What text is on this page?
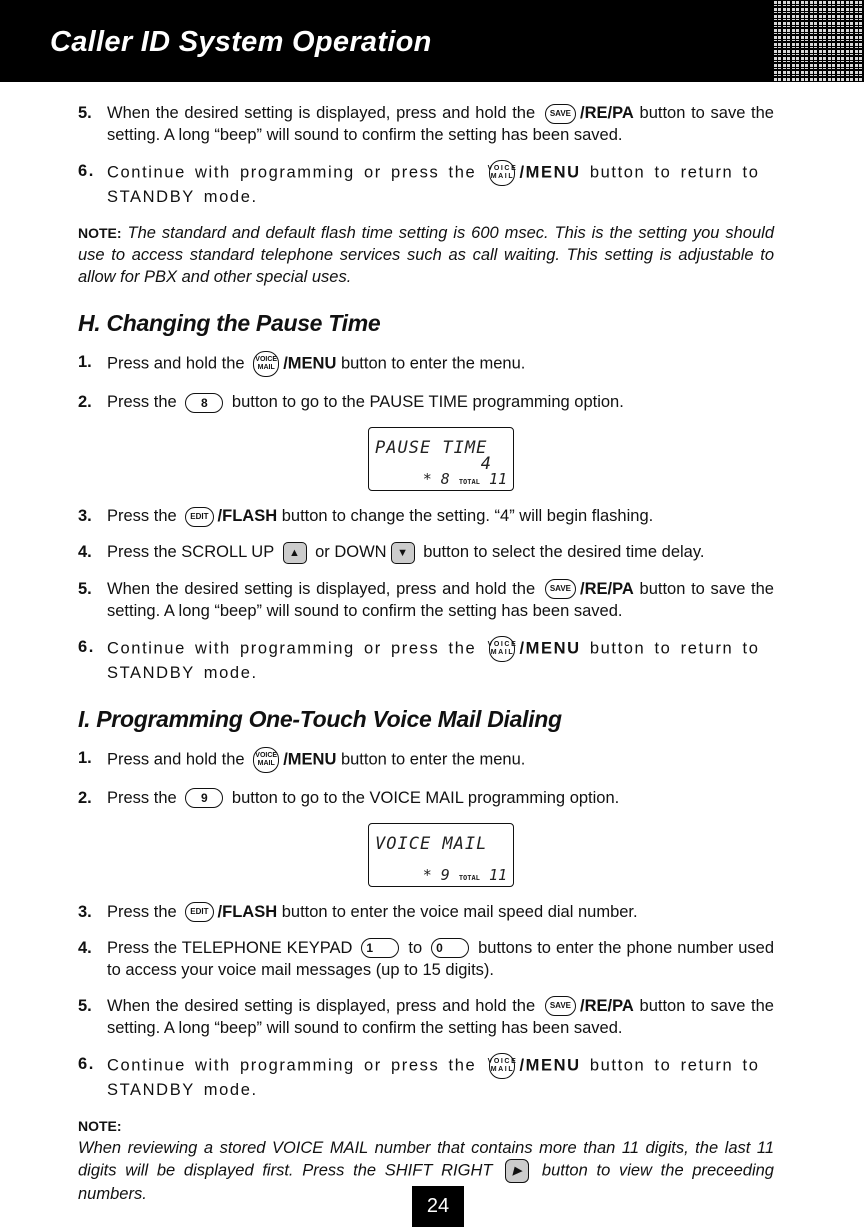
Caller ID System Operation
5. When the desired setting is displayed, press and hold the SAVE /RE/PA button to save the setting. A long “beep” will sound to confirm the setting has been saved.
6. Continue with programming or press the VOICE
MAIL /MENU button to return to STANDBY mode.
NOTE: The standard and default flash time setting is 600 msec. This is the setting you should use to access standard telephone services such as call waiting. This setting is adjustable to allow for PBX and other special uses.
H. Changing the Pause Time
1. Press and hold the VOICE
MAIL /MENU button to enter the menu.
2. Press the 8 button to go to the PAUSE TIME programming option.
PAUSE TIME
4
* 8 TOTAL 11
3. Press the EDIT /FLASH button to change the setting. “4” will begin flashing.
4. Press the SCROLL UP ▲ or DOWN ▼ button to select the desired time delay.
5. When the desired setting is displayed, press and hold the SAVE /RE/PA button to save the setting. A long “beep” will sound to confirm the setting has been saved.
6. Continue with programming or press the VOICE
MAIL /MENU button to return to STANDBY mode.
I. Programming One-Touch Voice Mail Dialing
1. Press and hold the VOICE
MAIL /MENU button to enter the menu.
2. Press the 9 button to go to the VOICE MAIL programming option.
VOICE MAIL
* 9 TOTAL 11
3. Press the EDIT /FLASH button to enter the voice mail speed dial number.
4. Press the TELEPHONE KEYPAD 1 to 0 buttons to enter the phone number used to access your voice mail messages (up to 15 digits).
5. When the desired setting is displayed, press and hold the SAVE /RE/PA button to save the setting. A long “beep” will sound to confirm the setting has been saved.
6. Continue with programming or press the VOICE
MAIL /MENU button to return to STANDBY mode.
NOTE:
When reviewing a stored VOICE MAIL number that contains more than 11 digits, the last 11 digits will be displayed first. Press the SHIFT RIGHT ▶ button to view the preceeding numbers.
24
